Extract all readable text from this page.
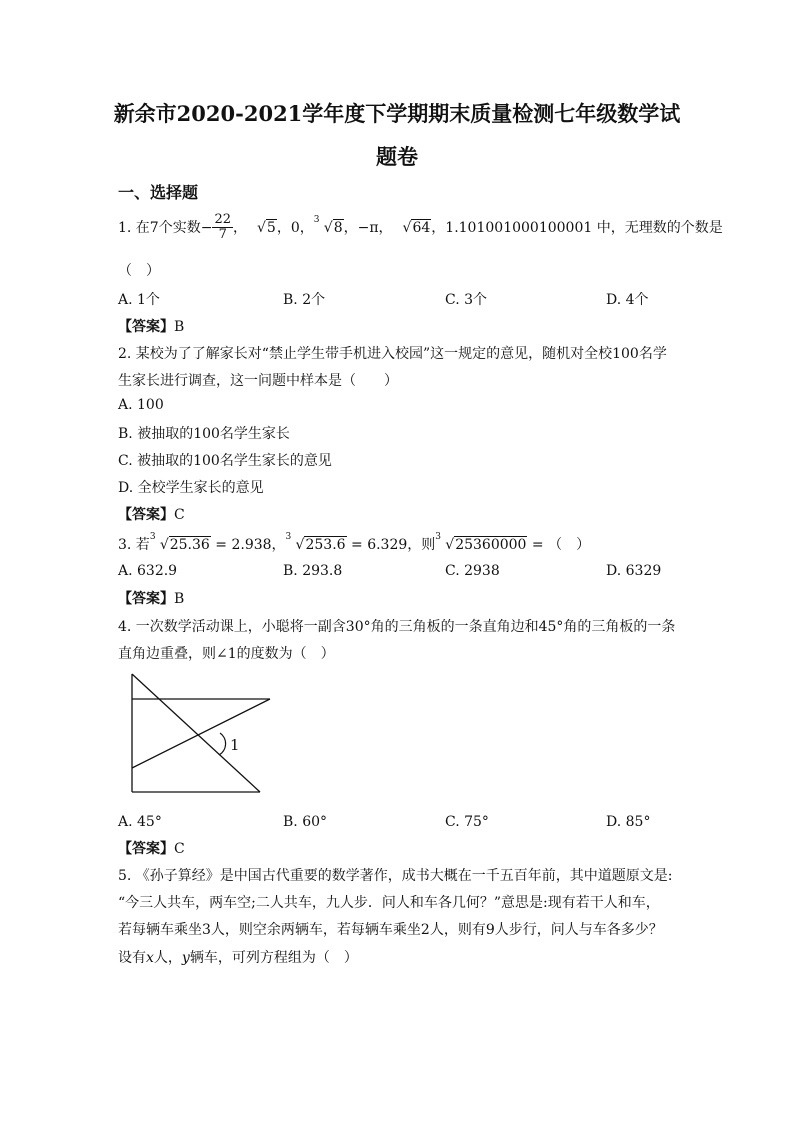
新余市2020-2021学年度下学期期末质量检测七年级数学试
题卷
一、选择题
1. 在7个实数− $\frac{22}{7}$ ， √5，0， 3 √8，−π， √64，1.101001000100001 中，无理数的个数是
（　）
A. 1个	B. 2个	C. 3个	D. 4个
【答案】B
2. 某校为了了解家长对“禁止学生带手机进入校园”这一规定的意见，随机对全校100名学
生家长进行调查，这一问题中样本是（　　）
A. 100
B. 被抽取的100名学生家长
C. 被抽取的100名学生家长的意见
D. 全校学生家长的意见
【答案】C
3. 若 3 √25.36 = 2.938， 3 √253.6 = 6.329，则 3 √25360000 = （　）
A. 632.9	B. 293.8	C. 2938	D. 6329
【答案】B
4. 一次数学活动课上，小聪将一副含30°角的三角板的一条直角边和45°角的三角板的一条
直角边重叠，则∠1的度数为（　）
1
A. 45°	B. 60°	C. 75°	D. 85°
【答案】C
5. 《孙子算经》是中国古代重要的数学著作，成书大概在一千五百年前，其中道题原文是:
“今三人共车，两车空;二人共车，九人步．问人和车各几何？”意思是:现有若干人和车，
若每辆车乘坐3人，则空余两辆车，若每辆车乘坐2人，则有9人步行，问人与车各多少？
设有x人，y辆车，可列方程组为（　）
